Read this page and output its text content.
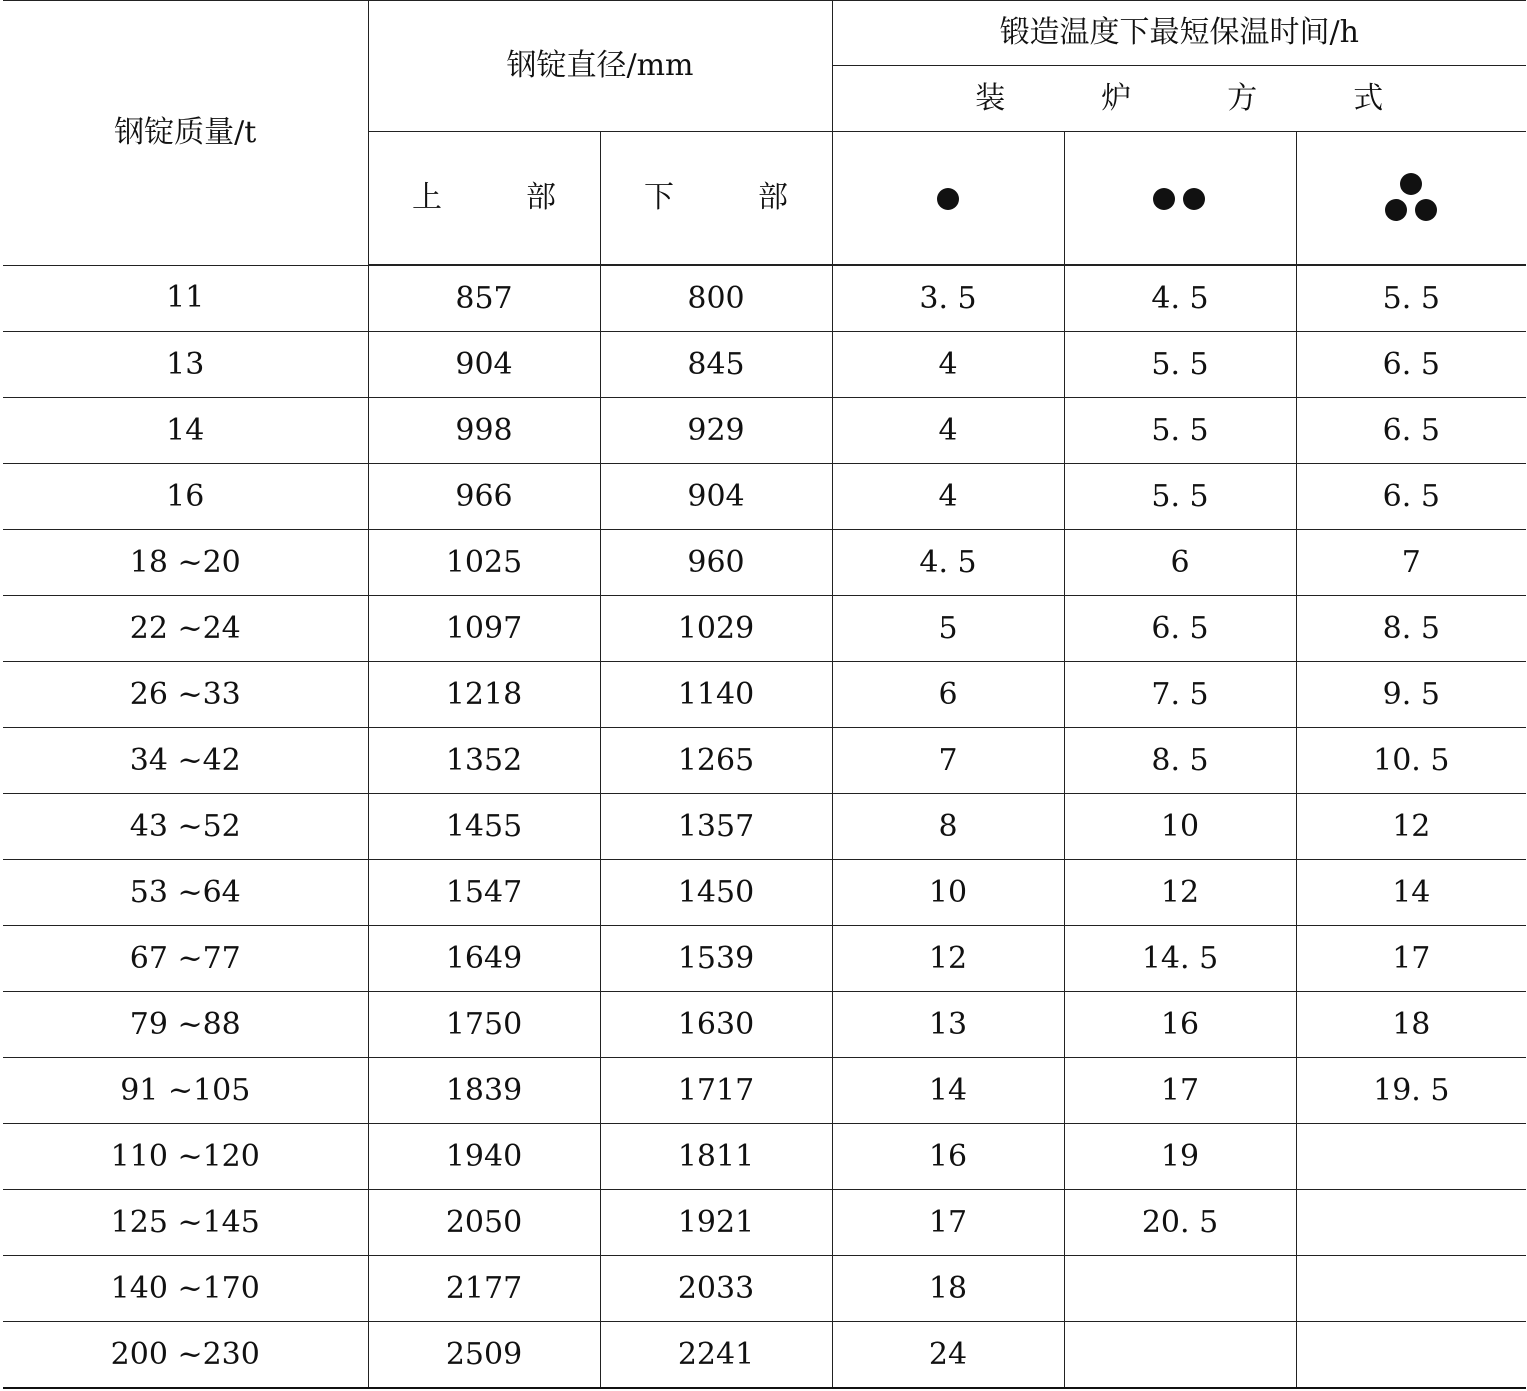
钢锭质量/t	钢锭直径/mm		锻造温度下最短保温时间/h		
			装　炉　方　式		
	上　部	下　部	

11	857	800	3. 5	4. 5	5. 5
13	904	845	4	5. 5	6. 5
14	998	929	4	5. 5	6. 5
16	966	904	4	5. 5	6. 5
18 ~20	1025	960	4. 5	6	7
22 ~24	1097	1029	5	6. 5	8. 5
26 ~33	1218	1140	6	7. 5	9. 5
34 ~42	1352	1265	7	8. 5	10. 5
43 ~52	1455	1357	8	10	12
53 ~64	1547	1450	10	12	14
67 ~77	1649	1539	12	14. 5	17
79 ~88	1750	1630	13	16	18
91 ~105	1839	1717	14	17	19. 5
110 ~120	1940	1811	16	19	
125 ~145	2050	1921	17	20. 5	
140 ~170	2177	2033	18		
200 ~230	2509	2241	24		
